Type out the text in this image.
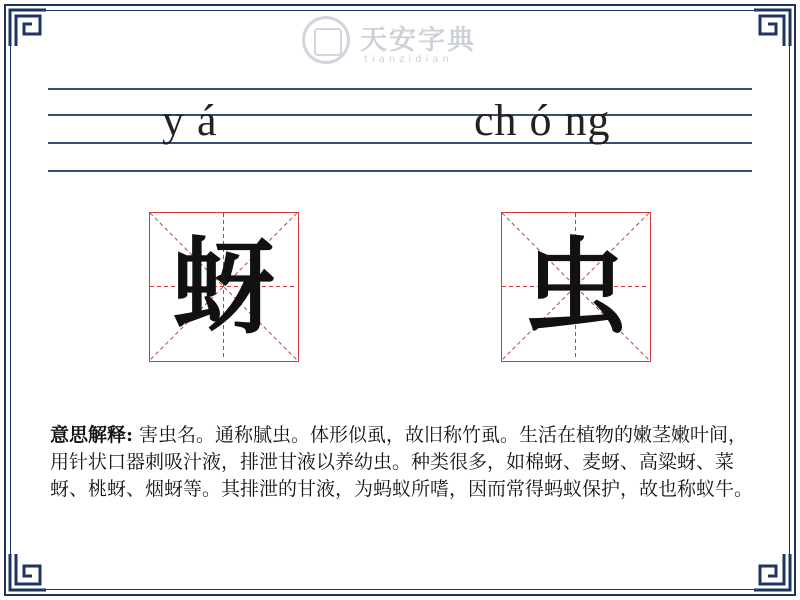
天安字典
tianzidian
y á	ch ó ng
蚜 虫
意思解释: 害虫名。通称腻虫。体形似虱，故旧称竹虱。生活在植物的嫩茎嫩叶间，用针状口器刺吸汁液，排泄甘液以养幼虫。种类很多，如棉蚜、麦蚜、高粱蚜、菜蚜、桃蚜、烟蚜等。其排泄的甘液，为蚂蚁所嗜，因而常得蚂蚁保护，故也称蚁牛。
